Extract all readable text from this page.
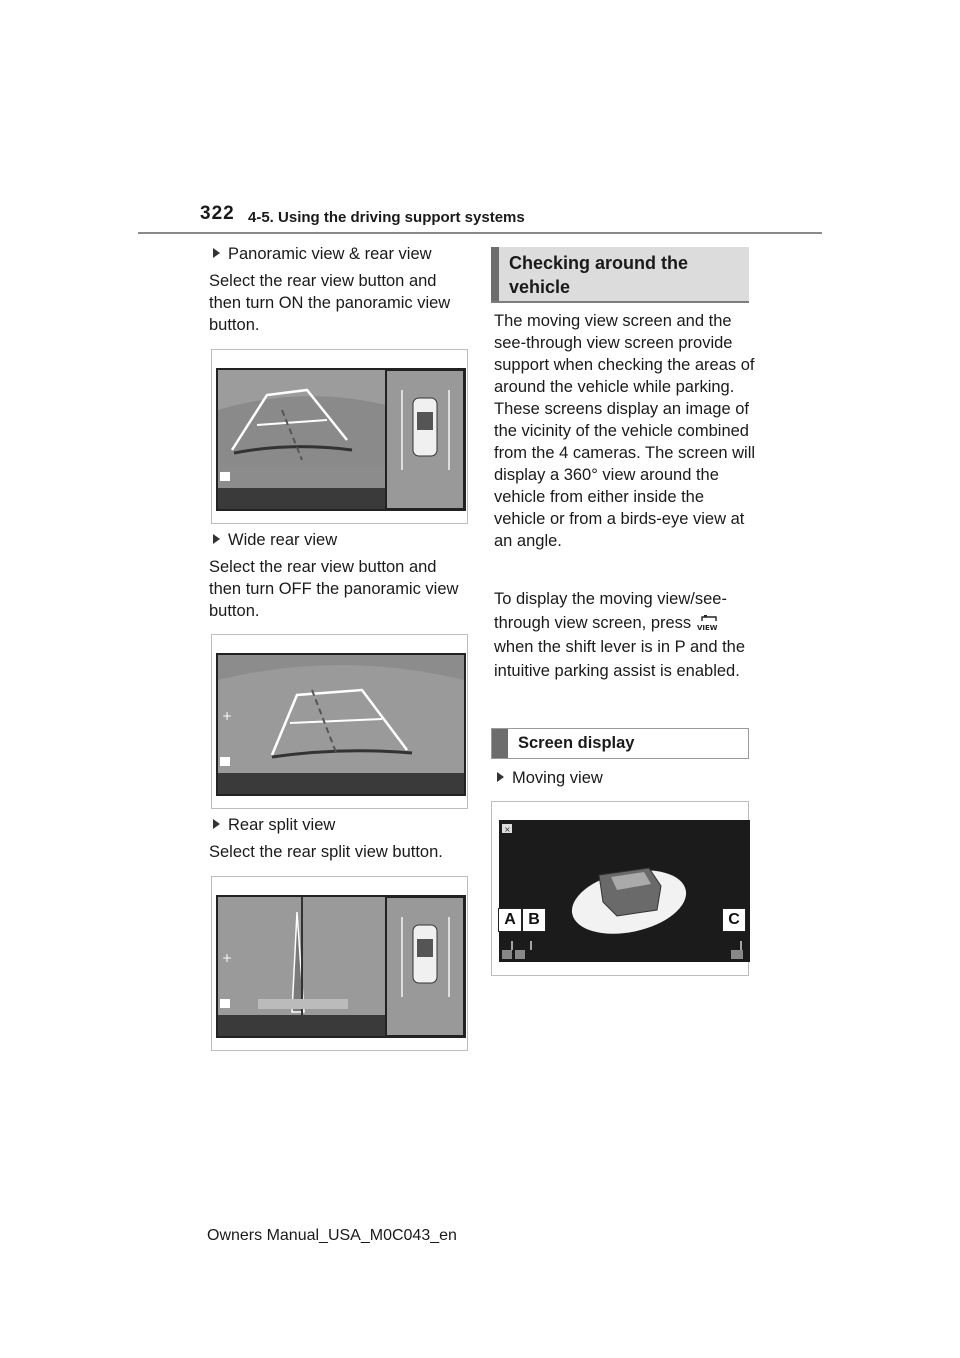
322 4-5. Using the driving support systems
Panoramic view & rear view

Select the rear view button and then turn ON the panoramic view button.

Wide rear view

Select the rear view button and then turn OFF the panoramic view button.

+
Rear split view

Select the rear split view button.

+
Checking around the vehicle

The moving view screen and the see-through view screen provide support when checking the areas of around the vehicle while parking. These screens display an image of the vicinity of the vehicle combined from the 4 cameras. The screen will display a 360° view around the vehicle from either inside the vehicle or from a birds-eye view at an angle.

To display the moving view/see-through view screen, press VIEW
when the shift lever is in P and the intuitive parking assist is enabled.

Screen display
Moving view
×
A B	C
Owners Manual_USA_M0C043_en
